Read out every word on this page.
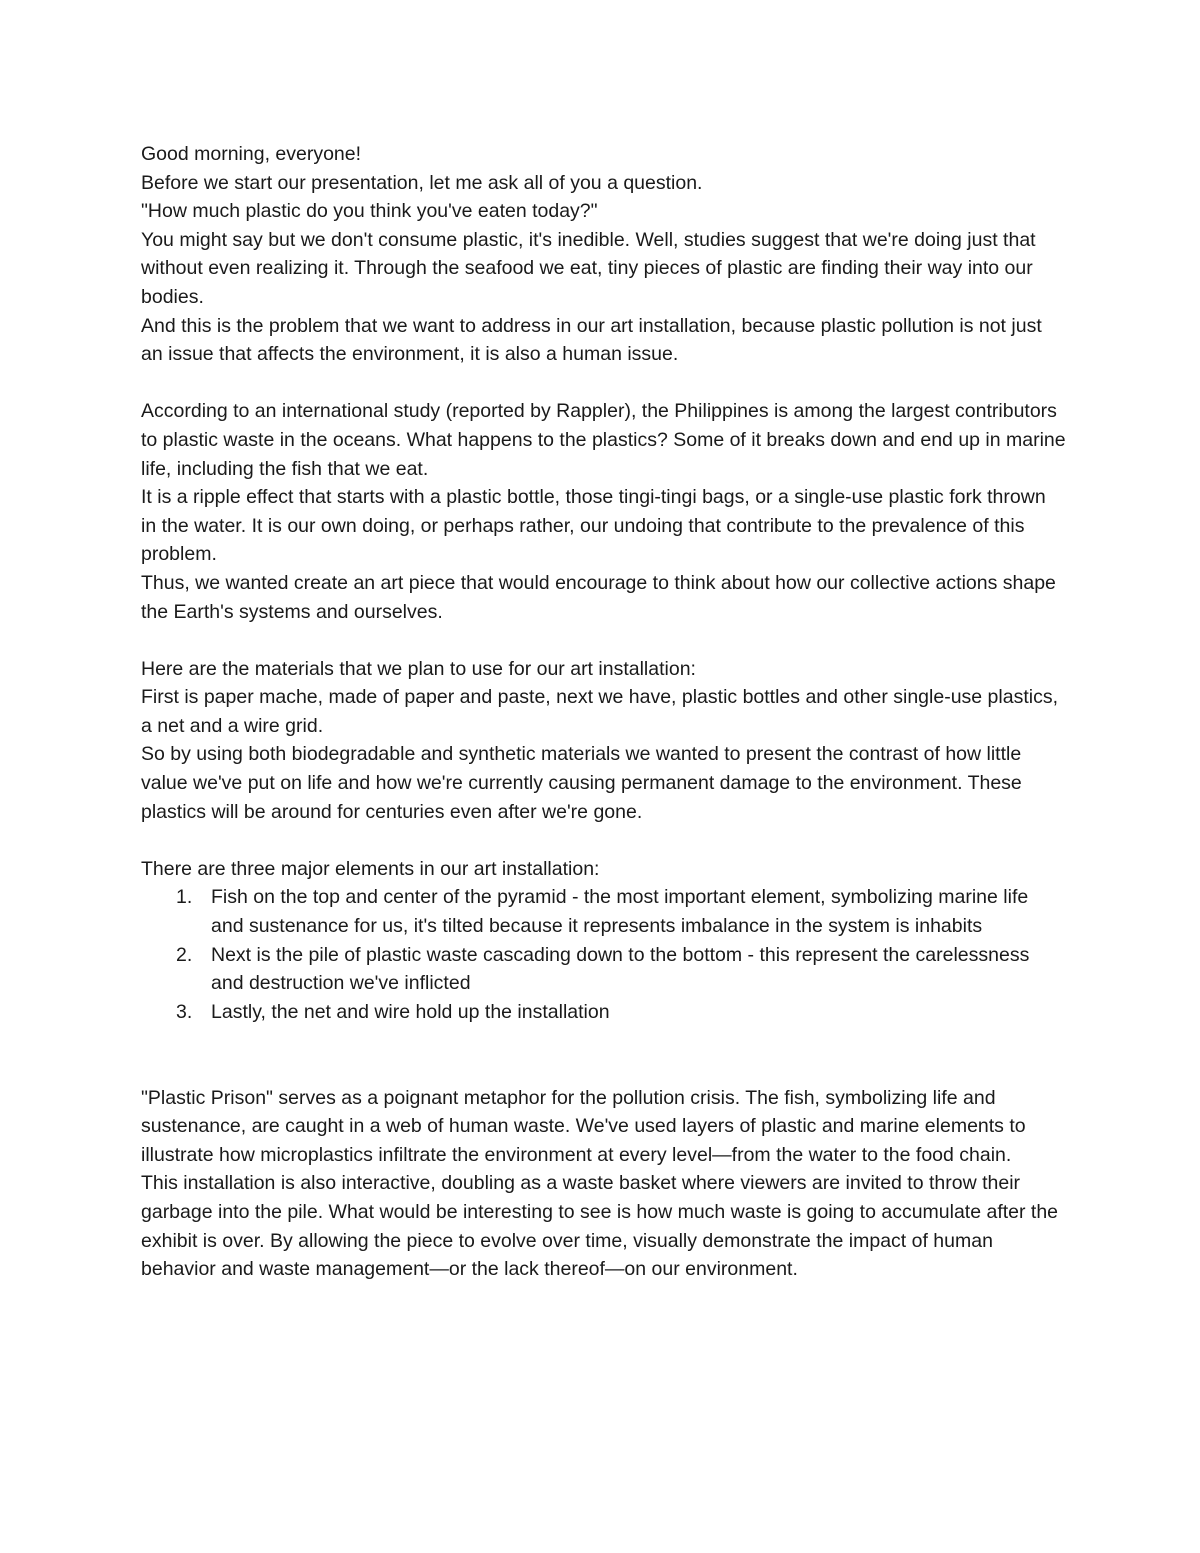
Good morning, everyone!

Before we start our presentation, let me ask all of you a question.

"How much plastic do you think you've eaten today?"

You might say but we don't consume plastic, it's inedible. Well, studies suggest that we're doing just that without even realizing it. Through the seafood we eat, tiny pieces of plastic are finding their way into our bodies.

And this is the problem that we want to address in our art installation, because plastic pollution is not just an issue that affects the environment, it is also a human issue.

According to an international study (reported by Rappler), the Philippines is among the largest contributors to plastic waste in the oceans. What happens to the plastics? Some of it breaks down and end up in marine life, including the fish that we eat.

It is a ripple effect that starts with a plastic bottle, those tingi-tingi bags, or a single-use plastic fork thrown in the water. It is our own doing, or perhaps rather, our undoing that contribute to the prevalence of this problem.

Thus, we wanted create an art piece that would encourage to think about how our collective actions shape the Earth's systems and ourselves.

Here are the materials that we plan to use for our art installation:

First is paper mache, made of paper and paste, next we have, plastic bottles and other single-use plastics, a net and a wire grid.

So by using both biodegradable and synthetic materials we wanted to present the contrast of how little value we've put on life and how we're currently causing permanent damage to the environment. These plastics will be around for centuries even after we're gone.

There are three major elements in our art installation:

1. Fish on the top and center of the pyramid - the most important element, symbolizing marine life and sustenance for us, it's tilted because it represents imbalance in the system is inhabits
2. Next is the pile of plastic waste cascading down to the bottom - this represent the carelessness and destruction we've inflicted
3. Lastly, the net and wire hold up the installation

"Plastic Prison" serves as a poignant metaphor for the pollution crisis. The fish, symbolizing life and sustenance, are caught in a web of human waste. We've used layers of plastic and marine elements to illustrate how microplastics infiltrate the environment at every level—from the water to the food chain.

This installation is also interactive, doubling as a waste basket where viewers are invited to throw their garbage into the pile. What would be interesting to see is how much waste is going to accumulate after the exhibit is over. By allowing the piece to evolve over time, visually demonstrate the impact of human behavior and waste management—or the lack thereof—on our environment.
